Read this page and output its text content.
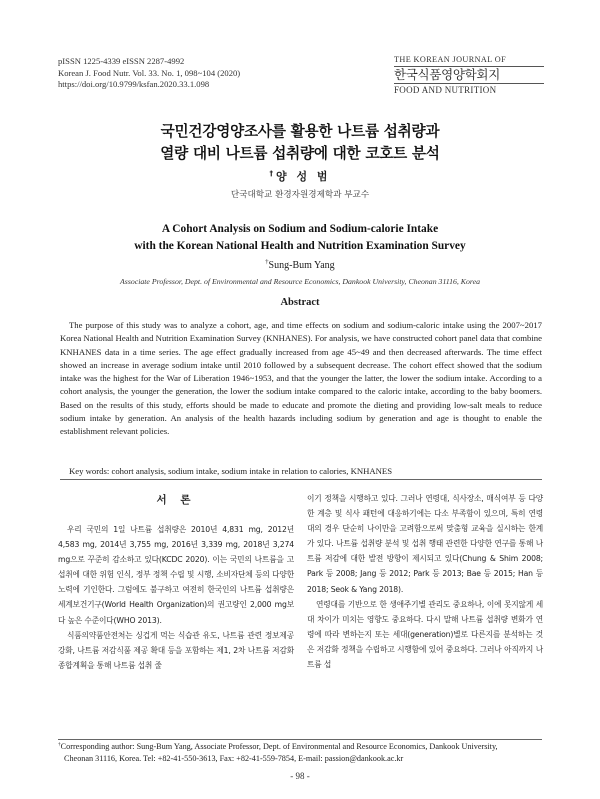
pISSN 1225-4339 eISSN 2287-4992
Korean J. Food Nutr. Vol. 33. No. 1, 098~104 (2020)
https://doi.org/10.9799/ksfan.2020.33.1.098
THE KOREAN JOURNAL OF
한국식품영양학회지
FOOD AND NUTRITION
국민건강영양조사를 활용한 나트륨 섭취량과
열량 대비 나트륨 섭취량에 대한 코호트 분석
†양 성 범
단국대학교 환경자원경제학과 부교수
A Cohort Analysis on Sodium and Sodium-calorie Intake
with the Korean National Health and Nutrition Examination Survey
†Sung-Bum Yang
Associate Professor, Dept. of Environmental and Resource Economics, Dankook University, Cheonan 31116, Korea
Abstract
The purpose of this study was to analyze a cohort, age, and time effects on sodium and sodium-caloric intake using the 2007~2017 Korea National Health and Nutrition Examination Survey (KNHANES). For analysis, we have constructed cohort panel data that combine KNHANES data in a time series. The age effect gradually increased from age 45~49 and then decreased afterwards. The time effect showed an increase in average sodium intake until 2010 followed by a subsequent decrease. The cohort effect showed that the sodium intake was the highest for the War of Liberation 1946~1953, and that the younger the latter, the lower the sodium intake. According to a cohort analysis, the younger the generation, the lower the sodium intake compared to the caloric intake, according to the baby boomers. Based on the results of this study, efforts should be made to educate and promote the dieting and providing low-salt meals to reduce sodium intake by generation. An analysis of the health hazards including sodium by generation and age is thought to enable the establishment relevant policies.
Key words: cohort analysis, sodium intake, sodium intake in relation to calories, KNHANES
서 론

우리 국민의 1일 나트륨 섭취량은 2010년 4,831 mg, 2012년 4,583 mg, 2014년 3,755 mg, 2016년 3,339 mg, 2018년 3,274 mg으로 꾸준히 감소하고 있다(KCDC 2020). 이는 국민의 나트륨을 고섭취에 대한 위험 인식, 정부 정책 수립 및 시행, 소비자단체 등의 다양한 노력에 기인한다. 그럼에도 불구하고 여전히 한국인의 나트륨 섭취량은 세계보건기구(World Health Organization)의 권고량인 2,000 mg보다 높은 수준이다(WHO 2013).

식품의약품안전처는 싱겁게 먹는 식습관 유도, 나트륨 관련 정보제공 강화, 나트륨 저감식품 제공 확대 등을 포함하는 제1, 2차 나트륨 저감화 종합계획을 통해 나트륨 섭취 줄

이기 정책을 시행하고 있다. 그러나 연령대, 식사장소, 매식여부 등 다양한 계층 및 식사 패턴에 대응하기에는 다소 부족함이 있으며, 특히 연령대의 경우 단순히 나이만을 고려함으로써 맞춤형 교육을 실시하는 한계가 있다. 나트륨 섭취량 분석 및 섭취 행태 관련한 다양한 연구를 통해 나트륨 저감에 대한 발전 방향이 제시되고 있다(Chung & Shim 2008; Park 등 2008; Jang 등 2012; Park 등 2013; Bae 등 2015; Han 등 2018; Seok & Yang 2018).

연령대를 기반으로 한 생애주기별 관리도 중요하나, 이에 못지않게 세대 차이가 미치는 영향도 중요하다. 다시 말해 나트륨 섭취량 변화가 연령에 따라 변하는지 또는 세대(generation)별로 다른지를 분석하는 것은 저감화 정책을 수립하고 시행함에 있어 중요하다. 그러나 아직까지 나트륨 섭

†Corresponding author: Sung-Bum Yang, Associate Professor, Dept. of Environmental and Resource Economics, Dankook University,
Cheonan 31116, Korea. Tel: +82-41-550-3613, Fax: +82-41-559-7854, E-mail: passion@dankook.ac.kr
- 98 -
